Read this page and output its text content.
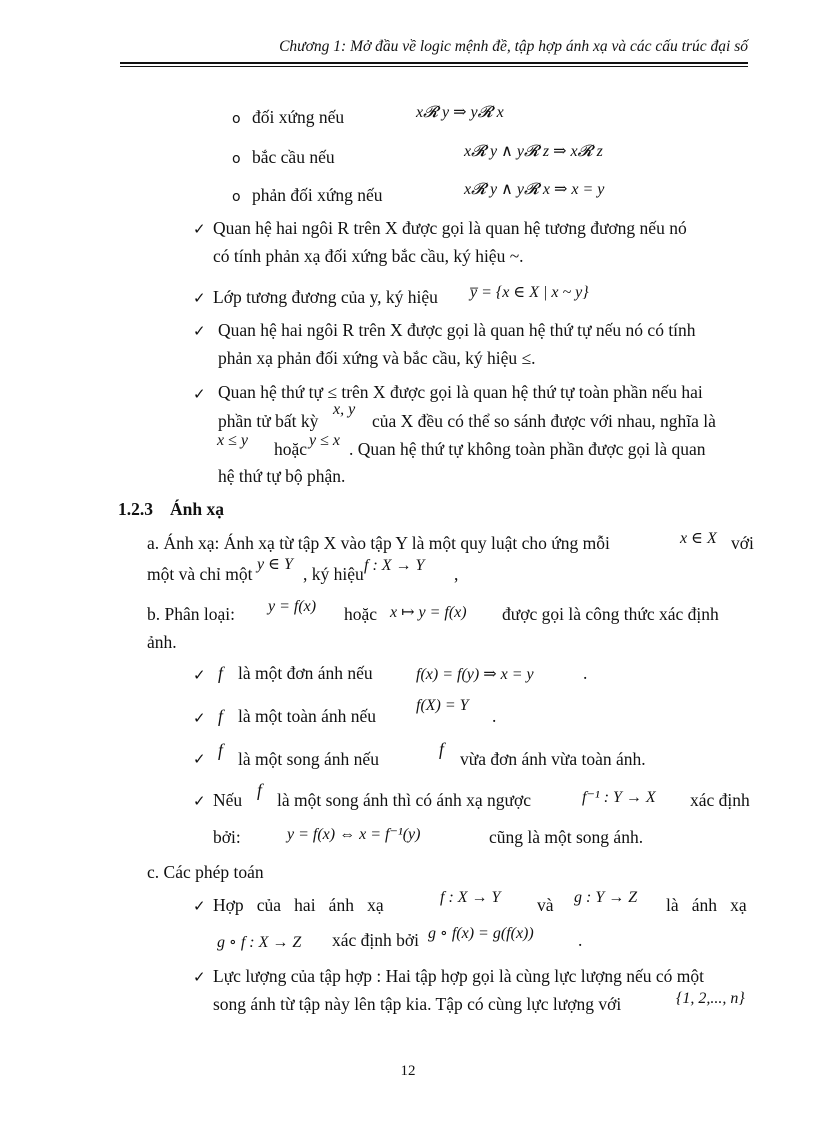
Chương 1: Mở đầu về logic mệnh đề, tập hợp ánh xạ và các cấu trúc đại số
o đối xứng nếu	x𝓡 y ⇒ y𝓡 x
o bắc cầu nếu	x𝓡 y ∧ y𝓡 z ⇒ x𝓡 z
o phản đối xứng nếu	x𝓡 y ∧ y𝓡 x ⇒ x = y
✓ Quan hệ hai ngôi R trên X được gọi là quan hệ tương đương nếu nó
có tính phản xạ đối xứng bắc cầu, ký hiệu ~.
✓ Lớp tương đương của y, ký hiệu y̅ = {x ∈ X | x ~ y}
✓ Quan hệ hai ngôi R trên X được gọi là quan hệ thứ tự nếu nó có tính
phản xạ phản đối xứng và bắc cầu, ký hiệu ≤.
✓ Quan hệ thứ tự ≤ trên X được gọi là quan hệ thứ tự toàn phần nếu hai
phần tử bất kỳ
x, y
của X đều có thể so sánh được với nhau, nghĩa là
x ≤ y hoặc y ≤ x . Quan hệ thứ tự không toàn phần được gọi là quan
hệ thứ tự bộ phận.
1.2.3 Ánh xạ
a. Ánh xạ: Ánh xạ từ tập X vào tập Y là một quy luật cho ứng mỗi	x ∈ X với
một và chỉ một y ∈ Y , ký hiệu f : X → Y ,
b. Phân loại: y = f(x) hoặc x ↦ y = f(x) được gọi là công thức xác định
ảnh.
✓ f là một đơn ánh nếu	f(x) = f(y) ⇒ x = y	.
✓ f là một toàn ánh nếu
f(X) = Y
.
✓ f là một song ánh nếu	f vừa đơn ánh vừa toàn ánh.
✓ Nếu f là một song ánh thì có ánh xạ ngược	f⁻¹ : Y → X xác định
bởi:	y = f(x) ⇔ x = f⁻¹(y)	cũng là một song ánh.
c. Các phép toán
✓ Hợp   của   hai   ánh   xạ	f : X → Y và g : Y → Z là   ánh   xạ
g ∘ f : X → Z xác định bởi g ∘ f(x) = g(f(x))	.
✓ Lực lượng của tập hợp : Hai tập hợp gọi là cùng lực lượng nếu có một
song ánh từ tập này lên tập kia. Tập có cùng lực lượng với	{1, 2,..., n}
12
